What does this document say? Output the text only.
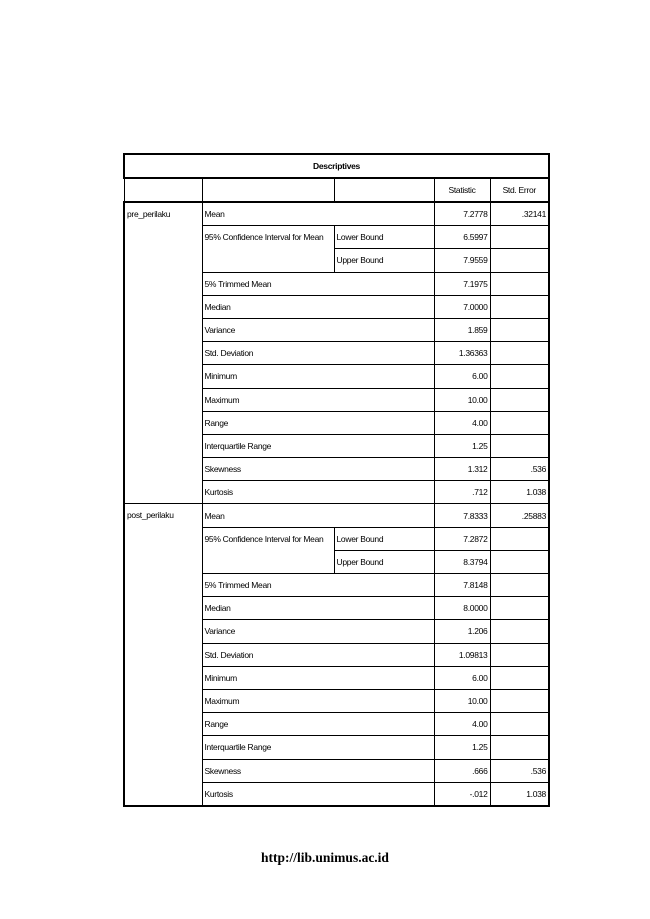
Descriptives				
			Statistic	Std. Error
pre_perilaku	Mean		7.2778	.32141
	95% Confidence Interval for Mean	Lower Bound	6.5997	
		Upper Bound	7.9559	
	5% Trimmed Mean		7.1975	
	Median		7.0000	
	Variance		1.859	
	Std. Deviation		1.36363	
	Minimum		6.00	
	Maximum		10.00	
	Range		4.00	
	Interquartile Range		1.25	
	Skewness		1.312	.536
	Kurtosis		.712	1.038
post_perilaku	Mean		7.8333	.25883
	95% Confidence Interval for Mean	Lower Bound	7.2872	
		Upper Bound	8.3794	
	5% Trimmed Mean		7.8148	
	Median		8.0000	
	Variance		1.206	
	Std. Deviation		1.09813	
	Minimum		6.00	
	Maximum		10.00	
	Range		4.00	
	Interquartile Range		1.25	
	Skewness		.666	.536
	Kurtosis		-.012	1.038
http://lib.unimus.ac.id
